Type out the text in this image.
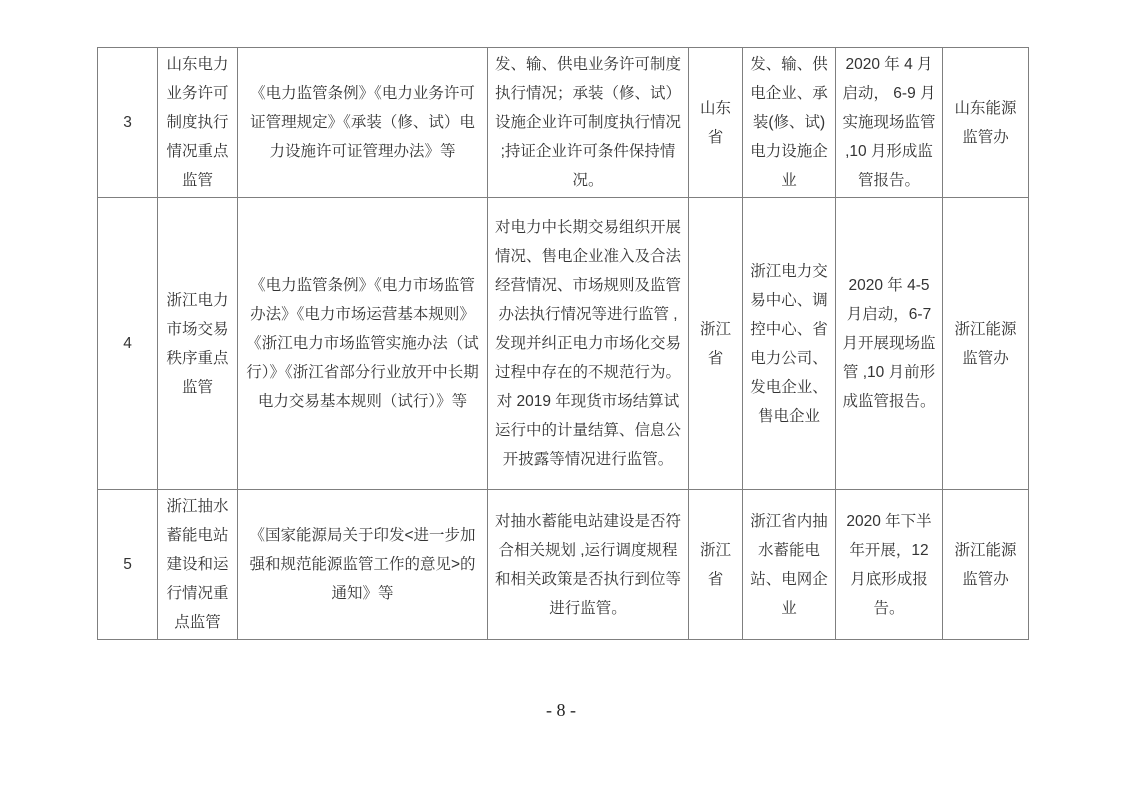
3	山东电力业务许可制度执行情况重点监管	《电力监管条例》《电力业务许可证管理规定》《承装（修、试）电力设施许可证管理办法》等	发、输、供电业务许可制度执行情况；承装（修、试）设施企业许可制度执行情况 ;持证企业许可条件保持情况。	山东省	发、输、供电企业、承装(修、试)电力设施企业	2020 年 4 月启动， 6-9 月实施现场监管 ,10 月形成监管报告。	山东能源监管办
4	浙江电力市场交易秩序重点监管	《电力监管条例》《电力市场监管办法》《电力市场运营基本规则》《浙江电力市场监管实施办法（试行）》《浙江省部分行业放开中长期电力交易基本规则（试行）》等	对电力中长期交易组织开展情况、售电企业准入及合法经营情况、市场规则及监管办法执行情况等进行监管 ,发现并纠正电力市场化交易过程中存在的不规范行为。对 2019 年现货市场结算试运行中的计量结算、信息公开披露等情况进行监管。	浙江省	浙江电力交易中心、调控中心、省电力公司、发电企业、售电企业	2020 年 4-5 月启动，6-7 月开展现场监管 ,10 月前形成监管报告。	浙江能源监管办
5	浙江抽水蓄能电站建设和运行情况重点监管	《国家能源局关于印发<进一步加强和规范能源监管工作的意见>的通知》等	对抽水蓄能电站建设是否符合相关规划 ,运行调度规程和相关政策是否执行到位等进行监管。	浙江省	浙江省内抽水蓄能电站、电网企业	2020 年下半年开展，12 月底形成报告。	浙江能源监管办
- 8 -
